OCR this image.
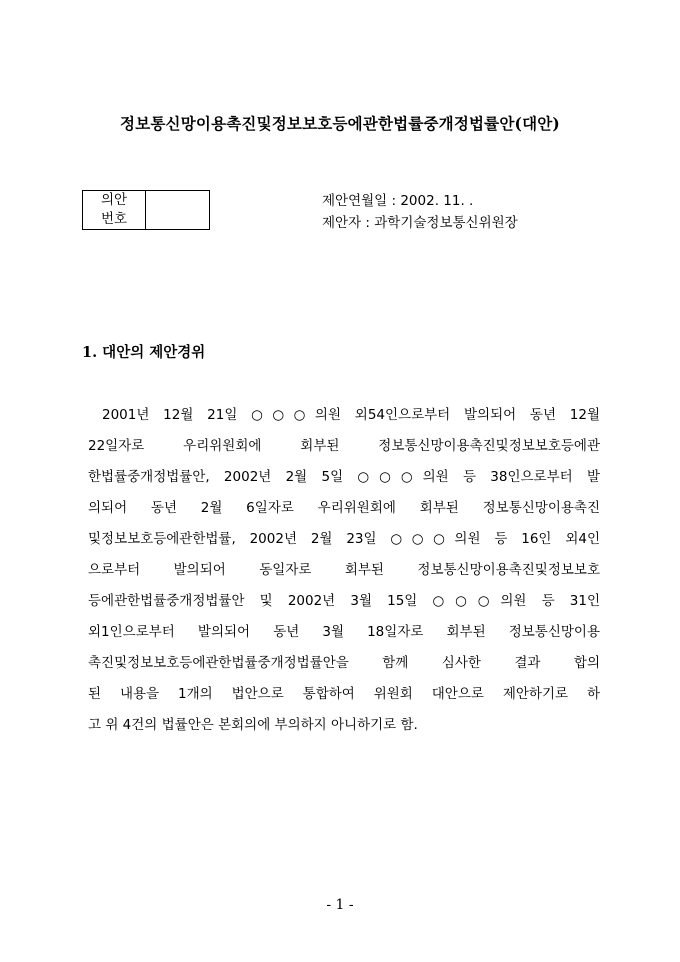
정보통신망이용촉진및정보보호등에관한법률중개정법률안(대안)
의안
번호	
제안연월일 : 2002. 11. .
제안자 : 과학기술정보통신위원장
1. 대안의 제안경위
2001년 12월 21일 ○○○의원 외54인으로부터 발의되어 동년 12월
22일자로 우리위원회에 회부된 정보통신망이용촉진및정보보호등에관
한법률중개정법률안, 2002년 2월 5일 ○○○의원 등 38인으로부터 발
의되어 동년 2월 6일자로 우리위원회에 회부된 정보통신망이용촉진
및정보보호등에관한법률, 2002년 2월 23일 ○○○의원 등 16인 외4인
으로부터 발의되어 동일자로 회부된 정보통신망이용촉진및정보보호
등에관한법률중개정법률안 및 2002년 3월 15일 ○○○의원 등 31인
외1인으로부터 발의되어 동년 3월 18일자로 회부된 정보통신망이용
촉진및정보보호등에관한법률중개정법률안을 함께 심사한 결과 합의
된 내용을 1개의 법안으로 통합하여 위원회 대안으로 제안하기로 하
고 위 4건의 법률안은 본회의에 부의하지 아니하기로 함.
- 1 -
